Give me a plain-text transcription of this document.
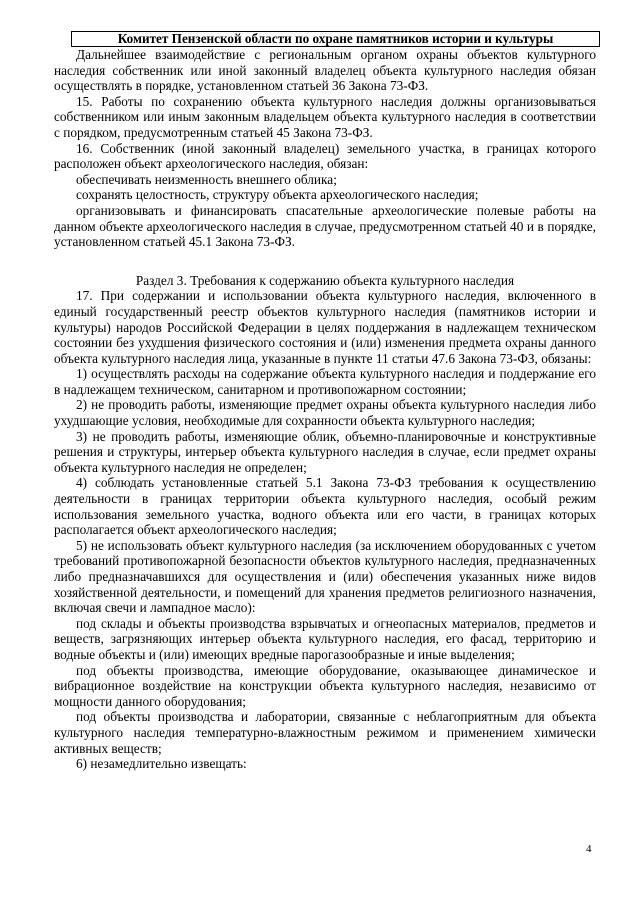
Комитет Пензенской области по охране памятников истории и культуры

Дальнейшее взаимодействие с региональным органом охраны объектов культурного наследия собственник или иной законный владелец объекта культурного наследия обязан осуществлять в порядке, установленном статьей 36 Закона 73-ФЗ.

15. Работы по сохранению объекта культурного наследия должны организовываться собственником или иным законным владельцем объекта культурного наследия в соответствии с порядком, предусмотренным статьей 45 Закона 73-ФЗ.

16. Собственник (иной законный владелец) земельного участка, в границах которого расположен объект археологического наследия, обязан:

обеспечивать неизменность внешнего облика;

сохранять целостность, структуру объекта археологического наследия;

организовывать и финансировать спасательные археологические полевые работы на данном объекте археологического наследия в случае, предусмотренном статьей 40 и в порядке, установленном статьей 45.1 Закона 73-ФЗ.

Раздел 3. Требования к содержанию объекта культурного наследия

17. При содержании и использовании объекта культурного наследия, включенного в единый государственный реестр объектов культурного наследия (памятников истории и культуры) народов Российской Федерации в целях поддержания в надлежащем техническом состоянии без ухудшения физического состояния и (или) изменения предмета охраны данного объекта культурного наследия лица, указанные в пункте 11 статьи 47.6 Закона 73-ФЗ, обязаны:

1) осуществлять расходы на содержание объекта культурного наследия и поддержание его в надлежащем техническом, санитарном и противопожарном состоянии;

2) не проводить работы, изменяющие предмет охраны объекта культурного наследия либо ухудшающие условия, необходимые для сохранности объекта культурного наследия;

3) не проводить работы, изменяющие облик, объемно-планировочные и конструктивные решения и структуры, интерьер объекта культурного наследия в случае, если предмет охраны объекта культурного наследия не определен;

4) соблюдать установленные статьей 5.1 Закона 73-ФЗ требования к осуществлению деятельности в границах территории объекта культурного наследия, особый режим использования земельного участка, водного объекта или его части, в границах которых располагается объект археологического наследия;

5) не использовать объект культурного наследия (за исключением оборудованных с учетом требований противопожарной безопасности объектов культурного наследия, предназначенных либо предназначавшихся для осуществления и (или) обеспечения указанных ниже видов хозяйственной деятельности, и помещений для хранения предметов религиозного назначения, включая свечи и лампадное масло):

под склады и объекты производства взрывчатых и огнеопасных материалов, предметов и веществ, загрязняющих интерьер объекта культурного наследия, его фасад, территорию и водные объекты и (или) имеющих вредные парогазообразные и иные выделения;

под объекты производства, имеющие оборудование, оказывающее динамическое и вибрационное воздействие на конструкции объекта культурного наследия, независимо от мощности данного оборудования;

под объекты производства и лаборатории, связанные с неблагоприятным для объекта культурного наследия температурно-влажностным режимом и применением химически активных веществ;

6) незамедлительно извещать:

4
